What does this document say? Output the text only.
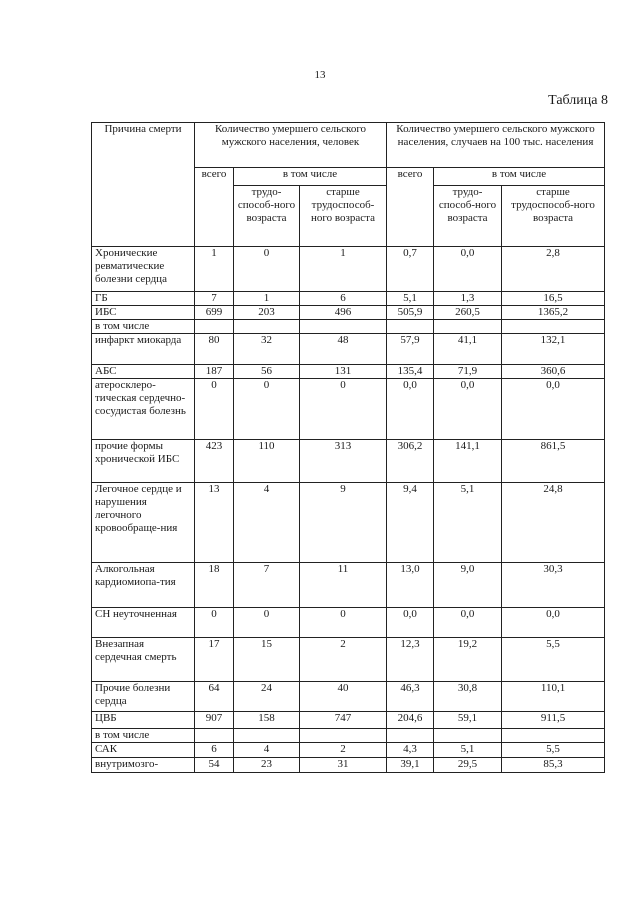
13
Таблица 8
Причина смерти	Количество умершего сельского мужского населения, человек			Количество умершего сельского мужского населения, случаев на 100 тыс. населения		
	всего	в том числе		всего	в том числе	
		трудо-способ-ного возраста	старше трудоспособ-ного возраста		трудо-способ-ного возраста	старше трудоспособ-ного возраста
Хронические ревматические болезни сердца	1	0	1	0,7	0,0	2,8
ГБ	7	1	6	5,1	1,3	16,5
ИБС	699	203	496	505,9	260,5	1365,2
в том числе						
инфаркт миокарда	80	32	48	57,9	41,1	132,1
АБС	187	56	131	135,4	71,9	360,6
атеросклеро-тическая сердечно-сосудистая болезнь	0	0	0	0,0	0,0	0,0
прочие формы хронической ИБС	423	110	313	306,2	141,1	861,5
Легочное сердце и нарушения легочного кровообраще-ния	13	4	9	9,4	5,1	24,8
Алкогольная кардиомиопа-тия	18	7	11	13,0	9,0	30,3
СН неуточненная	0	0	0	0,0	0,0	0,0
Внезапная сердечная смерть	17	15	2	12,3	19,2	5,5
Прочие болезни сердца	64	24	40	46,3	30,8	110,1
ЦВБ	907	158	747	204,6	59,1	911,5
в том числе						
САК	6	4	2	4,3	5,1	5,5
внутримозго-	54	23	31	39,1	29,5	85,3
